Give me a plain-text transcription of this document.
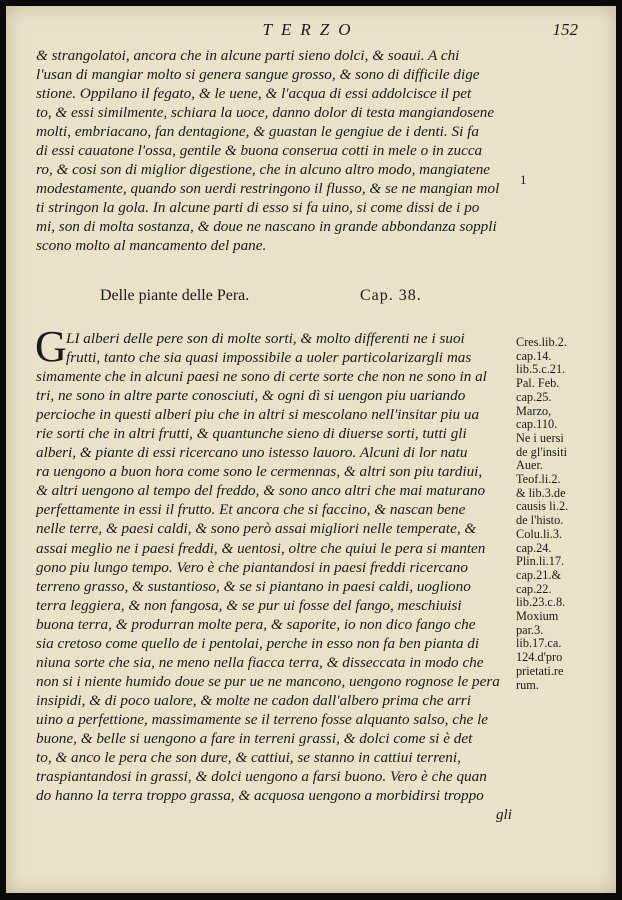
TERZO	152
& strangolatoi, ancora che in alcune parti sieno dolci, & soaui. A chi
l'usan di mangiar molto si genera sangue grosso, & sono di difficile dige
stione. Oppilano il fegato, & le uene, & l'acqua di essi addolcisce il pet
to, & essi similmente, schiara la uoce, danno dolor di testa mangiandosene
molti, embriacano, fan dentagione, & guastan le gengiue de i denti. Si fa
di essi cauatone l'ossa, gentile & buona conserua cotti in mele o in zucca
ro, & cosi son di miglior digestione, che in alcuno altro modo, mangiatene
modestamente, quando son uerdi restringono il flusso, & se ne mangian mol
ti stringon la gola. In alcune parti di esso si fa uino, si come dissi de i po
mi, son di molta sostanza, & doue ne nascano in grande abbondanza soppli
scono molto al mancamento del pane.
1
Delle piante delle Pera.	Cap. 38.
G LI alberi delle pere son di molte sorti, & molto differenti ne i suoi
frutti, tanto che sia quasi impossibile a uoler particolarizargli mas
simamente che in alcuni paesi ne sono di certe sorte che non ne sono in al
tri, ne sono in altre parte conosciuti, & ogni dì si uengon piu uariando
percioche in questi alberi piu che in altri si mescolano nell'insitar piu ua
rie sorti che in altri frutti, & quantunche sieno di diuerse sorti, tutti gli
alberi, & piante di essi ricercano uno istesso lauoro. Alcuni di lor natu
ra uengono a buon hora come sono le cermennas, & altri son piu tardiui,
& altri uengono al tempo del freddo, & sono anco altri che mai maturano
perfettamente in essi il frutto. Et ancora che si faccino, & nascan bene
nelle terre, & paesi caldi, & sono però assai migliori nelle temperate, &
assai meglio ne i paesi freddi, & uentosi, oltre che quiui le pera si manten
gono piu lungo tempo. Vero è che piantandosi in paesi freddi ricercano
terreno grasso, & sustantioso, & se si piantano in paesi caldi, uogliono
terra leggiera, & non fangosa, & se pur ui fosse del fango, meschiuisi
buona terra, & produrran molte pera, & saporite, io non dico fango che
sia cretoso come quello de i pentolai, perche in esso non fa ben pianta di
niuna sorte che sia, ne meno nella fiacca terra, & disseccata in modo che
non si i niente humido doue se pur ue ne mancono, uengono rognose le pera
insipidi, & di poco ualore, & molte ne cadon dall'albero prima che arri
uino a perfettione, massimamente se il terreno fosse alquanto salso, che le
buone, & belle si uengono a fare in terreni grassi, & dolci come si è det
to, & anco le pera che son dure, & cattiui, se stanno in cattiui terreni,
traspiantandosi in grassi, & dolci uengono a farsi buono. Vero è che quan
do hanno la terra troppo grassa, & acquosa uengono a morbidirsi troppo
gli
Cres.lib.2.
cap.14.
lib.5.c.21.
Pal. Feb.
cap.25.
Marzo,
cap.110.
Ne i uersi
de gl'insiti
Auer.
Teof.li.2.
& lib.3.de
causis li.2.
de l'histo.
Colu.li.3.
cap.24.
Plin.li.17.
cap.21.&
cap.22.
lib.23.c.8.
Moxium
par.3.
lib.17.ca.
124.d'pro
prietati.re
rum.
